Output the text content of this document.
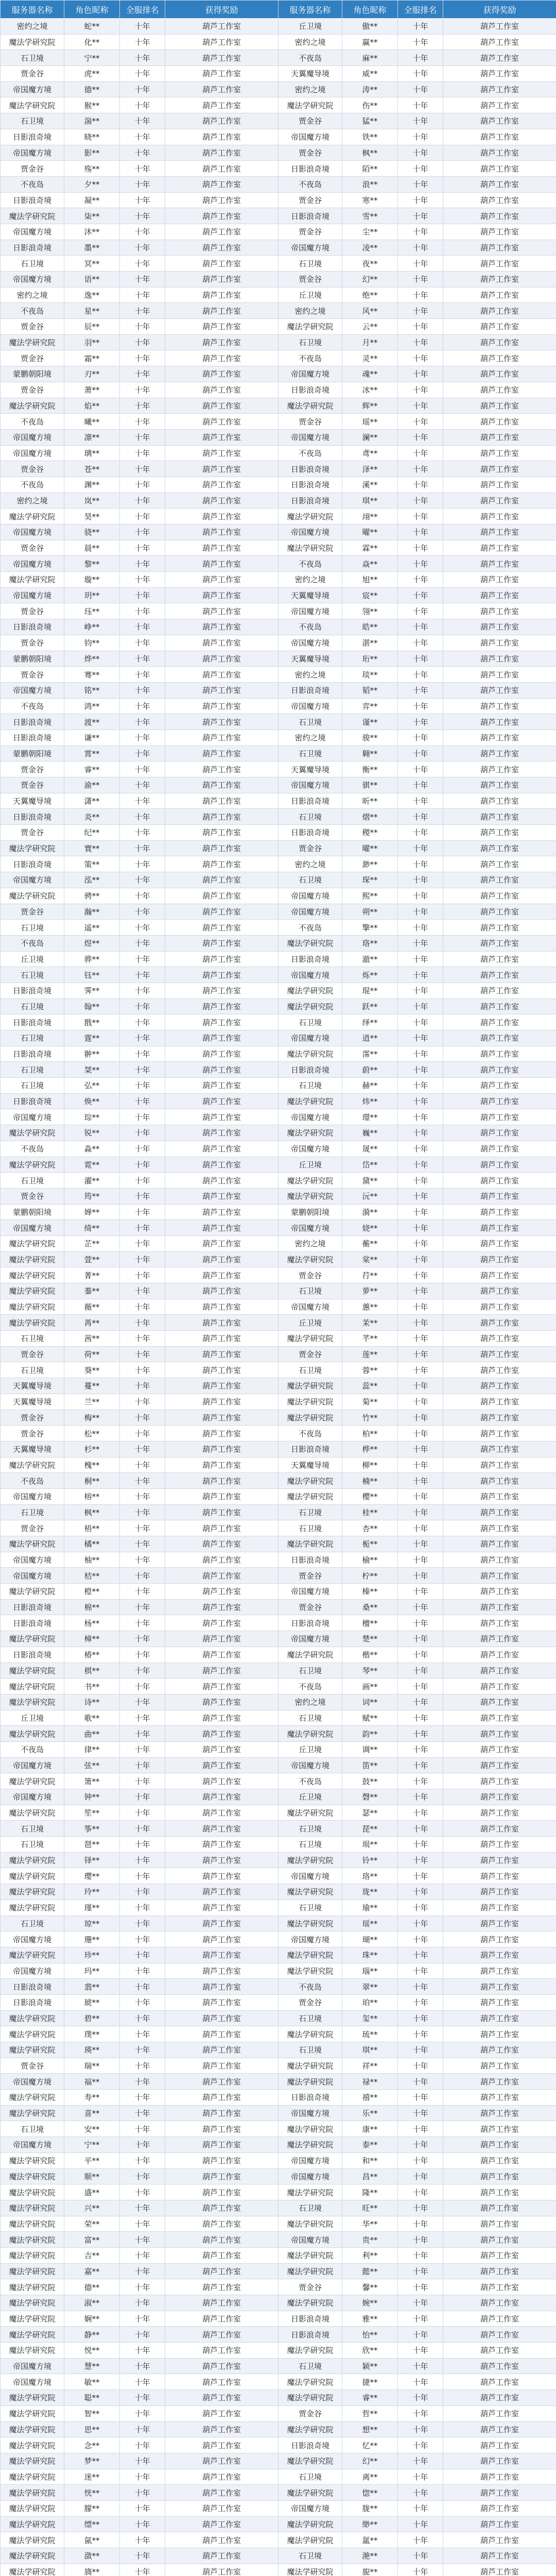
服务器名称	角色昵称	全服排名	获得奖励	服务器名称	角色昵称	全服排名	获得奖励
密约之境	蛇**	十年	葫芦工作室	丘卫境	傲**	十年	葫芦工作室
魔法学研究院	化**	十年	葫芦工作室	密约之境	赢**	十年	葫芦工作室
石卫境	宁**	十年	葫芦工作室	不夜岛	麻**	十年	葫芦工作室
贾金谷	虎**	十年	葫芦工作室	天翼魔导境	威**	十年	葫芦工作室
帝国魔方境	德**	十年	葫芦工作室	密约之境	涛**	十年	葫芦工作室
魔法学研究院	猴**	十年	葫芦工作室	魔法学研究院	伤**	十年	葫芦工作室
石卫境	湍**	十年	葫芦工作室	贾金谷	猛**	十年	葫芦工作室
日影浪奇境	晓**	十年	葫芦工作室	帝国魔方境	铁**	十年	葫芦工作室
帝国魔方境	影**	十年	葫芦工作室	贾金谷	枫**	十年	葫芦工作室
贾金谷	殇**	十年	葫芦工作室	日影浪奇境	陌**	十年	葫芦工作室
不夜岛	夕**	十年	葫芦工作室	不夜岛	浪**	十年	葫芦工作室
日影浪奇境	凝**	十年	葫芦工作室	贾金谷	寒**	十年	葫芦工作室
魔法学研究院	柒**	十年	葫芦工作室	日影浪奇境	雪**	十年	葫芦工作室
帝国魔方境	沐**	十年	葫芦工作室	贾金谷	尘**	十年	葫芦工作室
日影浪奇境	墨**	十年	葫芦工作室	帝国魔方境	凌**	十年	葫芦工作室
石卫境	冥**	十年	葫芦工作室	石卫境	夜**	十年	葫芦工作室
帝国魔方境	语**	十年	葫芦工作室	贾金谷	幻**	十年	葫芦工作室
密约之境	逸**	十年	葫芦工作室	丘卫境	绝**	十年	葫芦工作室
不夜岛	星**	十年	葫芦工作室	密约之境	风**	十年	葫芦工作室
贾金谷	辰**	十年	葫芦工作室	魔法学研究院	云**	十年	葫芦工作室
魔法学研究院	羽**	十年	葫芦工作室	石卫境	月**	十年	葫芦工作室
贾金谷	霜**	十年	葫芦工作室	不夜岛	灵**	十年	葫芦工作室
蒙鹏朝阳境	刃**	十年	葫芦工作室	帝国魔方境	魂**	十年	葫芦工作室
贾金谷	萧**	十年	葫芦工作室	日影浪奇境	冰**	十年	葫芦工作室
魔法学研究院	焰**	十年	葫芦工作室	魔法学研究院	辉**	十年	葫芦工作室
不夜岛	曦**	十年	葫芦工作室	贾金谷	瑶**	十年	葫芦工作室
帝国魔方境	凛**	十年	葫芦工作室	帝国魔方境	澜**	十年	葫芦工作室
帝国魔方境	璃**	十年	葫芦工作室	不夜岛	鸢**	十年	葫芦工作室
贾金谷	苍**	十年	葫芦工作室	日影浪奇境	泽**	十年	葫芦工作室
不夜岛	渊**	十年	葫芦工作室	日影浪奇境	溪**	十年	葫芦工作室
密约之境	岚**	十年	葫芦工作室	日影浪奇境	琪**	十年	葫芦工作室
魔法学研究院	昊**	十年	葫芦工作室	魔法学研究院	翊**	十年	葫芦工作室
帝国魔方境	骁**	十年	葫芦工作室	帝国魔方境	曜**	十年	葫芦工作室
贾金谷	晨**	十年	葫芦工作室	魔法学研究院	霖**	十年	葫芦工作室
帝国魔方境	黎**	十年	葫芦工作室	不夜岛	焱**	十年	葫芦工作室
魔法学研究院	璇**	十年	葫芦工作室	密约之境	旭**	十年	葫芦工作室
帝国魔方境	玥**	十年	葫芦工作室	天翼魔导境	宸**	十年	葫芦工作室
贾金谷	珏**	十年	葫芦工作室	帝国魔方境	翎**	十年	葫芦工作室
日影浪奇境	峥**	十年	葫芦工作室	不夜岛	皓**	十年	葫芦工作室
贾金谷	钧**	十年	葫芦工作室	帝国魔方境	湛**	十年	葫芦工作室
蒙鹏朝阳境	烨**	十年	葫芦工作室	天翼魔导境	珩**	十年	葫芦工作室
贾金谷	骞**	十年	葫芦工作室	密约之境	琰**	十年	葫芦工作室
帝国魔方境	铭**	十年	葫芦工作室	日影浪奇境	韬**	十年	葫芦工作室
不夜岛	鸿**	十年	葫芦工作室	帝国魔方境	弈**	十年	葫芦工作室
日影浪奇境	渡**	十年	葫芦工作室	石卫境	谨**	十年	葫芦工作室
日影浪奇境	谦**	十年	葫芦工作室	密约之境	骏**	十年	葫芦工作室
蒙鹏朝阳境	霄**	十年	葫芦工作室	石卫境	翱**	十年	葫芦工作室
贾金谷	睿**	十年	葫芦工作室	天翼魔导境	衡**	十年	葫芦工作室
贾金谷	渝**	十年	葫芦工作室	帝国魔方境	骐**	十年	葫芦工作室
天翼魔导境	潇**	十年	葫芦工作室	日影浪奇境	昕**	十年	葫芦工作室
日影浪奇境	炎**	十年	葫芦工作室	石卫境	熠**	十年	葫芦工作室
贾金谷	纪**	十年	葫芦工作室	日影浪奇境	稷**	十年	葫芦工作室
魔法学研究院	寰**	十年	葫芦工作室	贾金谷	曜**	十年	葫芦工作室
日影浪奇境	策**	十年	葫芦工作室	密约之境	渺**	十年	葫芦工作室
帝国魔方境	泓**	十年	葫芦工作室	石卫境	琛**	十年	葫芦工作室
魔法学研究院	骋**	十年	葫芦工作室	帝国魔方境	熙**	十年	葫芦工作室
贾金谷	瀚**	十年	葫芦工作室	帝国魔方境	朔**	十年	葫芦工作室
石卫境	遥**	十年	葫芦工作室	不夜岛	擎**	十年	葫芦工作室
不夜岛	煜**	十年	葫芦工作室	魔法学研究院	珞**	十年	葫芦工作室
丘卫境	骅**	十年	葫芦工作室	日影浪奇境	澈**	十年	葫芦工作室
石卫境	钰**	十年	葫芦工作室	帝国魔方境	烁**	十年	葫芦工作室
日影浪奇境	霁**	十年	葫芦工作室	魔法学研究院	琨**	十年	葫芦工作室
石卫境	翰**	十年	葫芦工作室	魔法学研究院	跃**	十年	葫芦工作室
日影浪奇境	戬**	十年	葫芦工作室	石卫境	绎**	十年	葫芦工作室
石卫境	霆**	十年	葫芦工作室	帝国魔方境	逍**	十年	葫芦工作室
日影浪奇境	翀**	十年	葫芦工作室	魔法学研究院	霈**	十年	葫芦工作室
石卫境	桀**	十年	葫芦工作室	日影浪奇境	蔚**	十年	葫芦工作室
石卫境	弘**	十年	葫芦工作室	石卫境	赫**	十年	葫芦工作室
日影浪奇境	焕**	十年	葫芦工作室	魔法学研究院	炜**	十年	葫芦工作室
帝国魔方境	琮**	十年	葫芦工作室	帝国魔方境	璟**	十年	葫芦工作室
魔法学研究院	锐**	十年	葫芦工作室	魔法学研究院	巍**	十年	葫芦工作室
不夜岛	淼**	十年	葫芦工作室	帝国魔方境	晟**	十年	葫芦工作室
魔法学研究院	霓**	十年	葫芦工作室	丘卫境	岱**	十年	葫芦工作室
石卫境	濯**	十年	葫芦工作室	魔法学研究院	黛**	十年	葫芦工作室
贾金谷	筠**	十年	葫芦工作室	魔法学研究院	沅**	十年	葫芦工作室
蒙鹏朝阳境	婵**	十年	葫芦工作室	蒙鹏朝阳境	漪**	十年	葫芦工作室
帝国魔方境	绮**	十年	葫芦工作室	帝国魔方境	娆**	十年	葫芦工作室
魔法学研究院	芷**	十年	葫芦工作室	密约之境	蘅**	十年	葫芦工作室
魔法学研究院	萱**	十年	葫芦工作室	魔法学研究院	棠**	十年	葫芦工作室
魔法学研究院	菁**	十年	葫芦工作室	贾金谷	荇**	十年	葫芦工作室
魔法学研究院	蓁**	十年	葫芦工作室	石卫境	萝**	十年	葫芦工作室
魔法学研究院	薇**	十年	葫芦工作室	帝国魔方境	蕙**	十年	葫芦工作室
魔法学研究院	苒**	十年	葫芦工作室	丘卫境	茉**	十年	葫芦工作室
石卫境	茜**	十年	葫芦工作室	魔法学研究院	芊**	十年	葫芦工作室
贾金谷	荷**	十年	葫芦工作室	贾金谷	莲**	十年	葫芦工作室
石卫境	葵**	十年	葫芦工作室	石卫境	蓉**	十年	葫芦工作室
天翼魔导境	蔓**	十年	葫芦工作室	魔法学研究院	蕊**	十年	葫芦工作室
天翼魔导境	兰**	十年	葫芦工作室	魔法学研究院	菊**	十年	葫芦工作室
贾金谷	梅**	十年	葫芦工作室	魔法学研究院	竹**	十年	葫芦工作室
贾金谷	松**	十年	葫芦工作室	不夜岛	柏**	十年	葫芦工作室
天翼魔导境	杉**	十年	葫芦工作室	日影浪奇境	桦**	十年	葫芦工作室
魔法学研究院	槐**	十年	葫芦工作室	天翼魔导境	柳**	十年	葫芦工作室
不夜岛	桐**	十年	葫芦工作室	魔法学研究院	楠**	十年	葫芦工作室
帝国魔方境	榕**	十年	葫芦工作室	魔法学研究院	樱**	十年	葫芦工作室
石卫境	枫**	十年	葫芦工作室	石卫境	桂**	十年	葫芦工作室
贾金谷	梧**	十年	葫芦工作室	石卫境	杏**	十年	葫芦工作室
魔法学研究院	橘**	十年	葫芦工作室	魔法学研究院	栀**	十年	葫芦工作室
帝国魔方境	柚**	十年	葫芦工作室	日影浪奇境	榆**	十年	葫芦工作室
帝国魔方境	桔**	十年	葫芦工作室	贾金谷	柠**	十年	葫芦工作室
魔法学研究院	橙**	十年	葫芦工作室	帝国魔方境	榛**	十年	葫芦工作室
日影浪奇境	棉**	十年	葫芦工作室	贾金谷	桑**	十年	葫芦工作室
日影浪奇境	杨**	十年	葫芦工作室	日影浪奇境	檀**	十年	葫芦工作室
魔法学研究院	樟**	十年	葫芦工作室	帝国魔方境	楚**	十年	葫芦工作室
日影浪奇境	椿**	十年	葫芦工作室	魔法学研究院	楷**	十年	葫芦工作室
魔法学研究院	棋**	十年	葫芦工作室	石卫境	琴**	十年	葫芦工作室
魔法学研究院	书**	十年	葫芦工作室	不夜岛	画**	十年	葫芦工作室
魔法学研究院	诗**	十年	葫芦工作室	密约之境	词**	十年	葫芦工作室
丘卫境	歌**	十年	葫芦工作室	石卫境	赋**	十年	葫芦工作室
魔法学研究院	曲**	十年	葫芦工作室	魔法学研究院	韵**	十年	葫芦工作室
不夜岛	律**	十年	葫芦工作室	丘卫境	调**	十年	葫芦工作室
帝国魔方境	弦**	十年	葫芦工作室	帝国魔方境	笛**	十年	葫芦工作室
魔法学研究院	箫**	十年	葫芦工作室	不夜岛	鼓**	十年	葫芦工作室
帝国魔方境	钟**	十年	葫芦工作室	丘卫境	磬**	十年	葫芦工作室
魔法学研究院	笙**	十年	葫芦工作室	魔法学研究院	瑟**	十年	葫芦工作室
石卫境	筝**	十年	葫芦工作室	石卫境	琵**	十年	葫芦工作室
石卫境	琶**	十年	葫芦工作室	石卫境	埙**	十年	葫芦工作室
魔法学研究院	铎**	十年	葫芦工作室	魔法学研究院	铃**	十年	葫芦工作室
魔法学研究院	璎**	十年	葫芦工作室	帝国魔方境	珞**	十年	葫芦工作室
魔法学研究院	玲**	十年	葫芦工作室	魔法学研究院	珑**	十年	葫芦工作室
魔法学研究院	瑾**	十年	葫芦工作室	石卫境	瑜**	十年	葫芦工作室
石卫境	琼**	十年	葫芦工作室	魔法学研究院	瑶**	十年	葫芦工作室
帝国魔方境	珊**	十年	葫芦工作室	帝国魔方境	瑚**	十年	葫芦工作室
魔法学研究院	珍**	十年	葫芦工作室	魔法学研究院	珠**	十年	葫芦工作室
帝国魔方境	玛**	十年	葫芦工作室	魔法学研究院	瑙**	十年	葫芦工作室
日影浪奇境	翡**	十年	葫芦工作室	不夜岛	翠**	十年	葫芦工作室
日影浪奇境	琥**	十年	葫芦工作室	贾金谷	珀**	十年	葫芦工作室
魔法学研究院	碧**	十年	葫芦工作室	石卫境	玺**	十年	葫芦工作室
魔法学研究院	璞**	十年	葫芦工作室	魔法学研究院	琉**	十年	葫芦工作室
魔法学研究院	瑛**	十年	葫芦工作室	石卫境	琪**	十年	葫芦工作室
贾金谷	瑞**	十年	葫芦工作室	魔法学研究院	祥**	十年	葫芦工作室
帝国魔方境	福**	十年	葫芦工作室	魔法学研究院	禄**	十年	葫芦工作室
魔法学研究院	寿**	十年	葫芦工作室	日影浪奇境	禧**	十年	葫芦工作室
魔法学研究院	喜**	十年	葫芦工作室	帝国魔方境	乐**	十年	葫芦工作室
石卫境	安**	十年	葫芦工作室	魔法学研究院	康**	十年	葫芦工作室
帝国魔方境	宁**	十年	葫芦工作室	魔法学研究院	泰**	十年	葫芦工作室
魔法学研究院	平**	十年	葫芦工作室	帝国魔方境	和**	十年	葫芦工作室
魔法学研究院	顺**	十年	葫芦工作室	帝国魔方境	昌**	十年	葫芦工作室
魔法学研究院	盛**	十年	葫芦工作室	魔法学研究院	隆**	十年	葫芦工作室
魔法学研究院	兴**	十年	葫芦工作室	石卫境	旺**	十年	葫芦工作室
魔法学研究院	荣**	十年	葫芦工作室	魔法学研究院	华**	十年	葫芦工作室
魔法学研究院	富**	十年	葫芦工作室	帝国魔方境	贵**	十年	葫芦工作室
魔法学研究院	吉**	十年	葫芦工作室	魔法学研究院	利**	十年	葫芦工作室
魔法学研究院	嘉**	十年	葫芦工作室	魔法学研究院	懿**	十年	葫芦工作室
魔法学研究院	德**	十年	葫芦工作室	贾金谷	馨**	十年	葫芦工作室
魔法学研究院	淑**	十年	葫芦工作室	魔法学研究院	婉**	十年	葫芦工作室
魔法学研究院	娴**	十年	葫芦工作室	日影浪奇境	雅**	十年	葫芦工作室
魔法学研究院	静**	十年	葫芦工作室	日影浪奇境	怡**	十年	葫芦工作室
魔法学研究院	悦**	十年	葫芦工作室	魔法学研究院	欣**	十年	葫芦工作室
帝国魔方境	慧**	十年	葫芦工作室	石卫境	颖**	十年	葫芦工作室
帝国魔方境	敏**	十年	葫芦工作室	魔法学研究院	捷**	十年	葫芦工作室
魔法学研究院	聪**	十年	葫芦工作室	魔法学研究院	睿**	十年	葫芦工作室
魔法学研究院	智**	十年	葫芦工作室	贾金谷	哲**	十年	葫芦工作室
魔法学研究院	思**	十年	葫芦工作室	魔法学研究院	想**	十年	葫芦工作室
魔法学研究院	念**	十年	葫芦工作室	日影浪奇境	忆**	十年	葫芦工作室
魔法学研究院	梦**	十年	葫芦工作室	魔法学研究院	幻**	十年	葫芦工作室
魔法学研究院	迷**	十年	葫芦工作室	石卫境	离**	十年	葫芦工作室
魔法学研究院	恍**	十年	葫芦工作室	魔法学研究院	惚**	十年	葫芦工作室
魔法学研究院	朦**	十年	葫芦工作室	帝国魔方境	胧**	十年	葫芦工作室
魔法学研究院	缥**	十年	葫芦工作室	魔法学研究院	缈**	十年	葫芦工作室
魔法学研究院	氤**	十年	葫芦工作室	魔法学研究院	氲**	十年	葫芦工作室
魔法学研究院	潋**	十年	葫芦工作室	石卫境	滟**	十年	葫芦工作室
魔法学研究院	旖**	十年	葫芦工作室	魔法学研究院	旎**	十年	葫芦工作室
